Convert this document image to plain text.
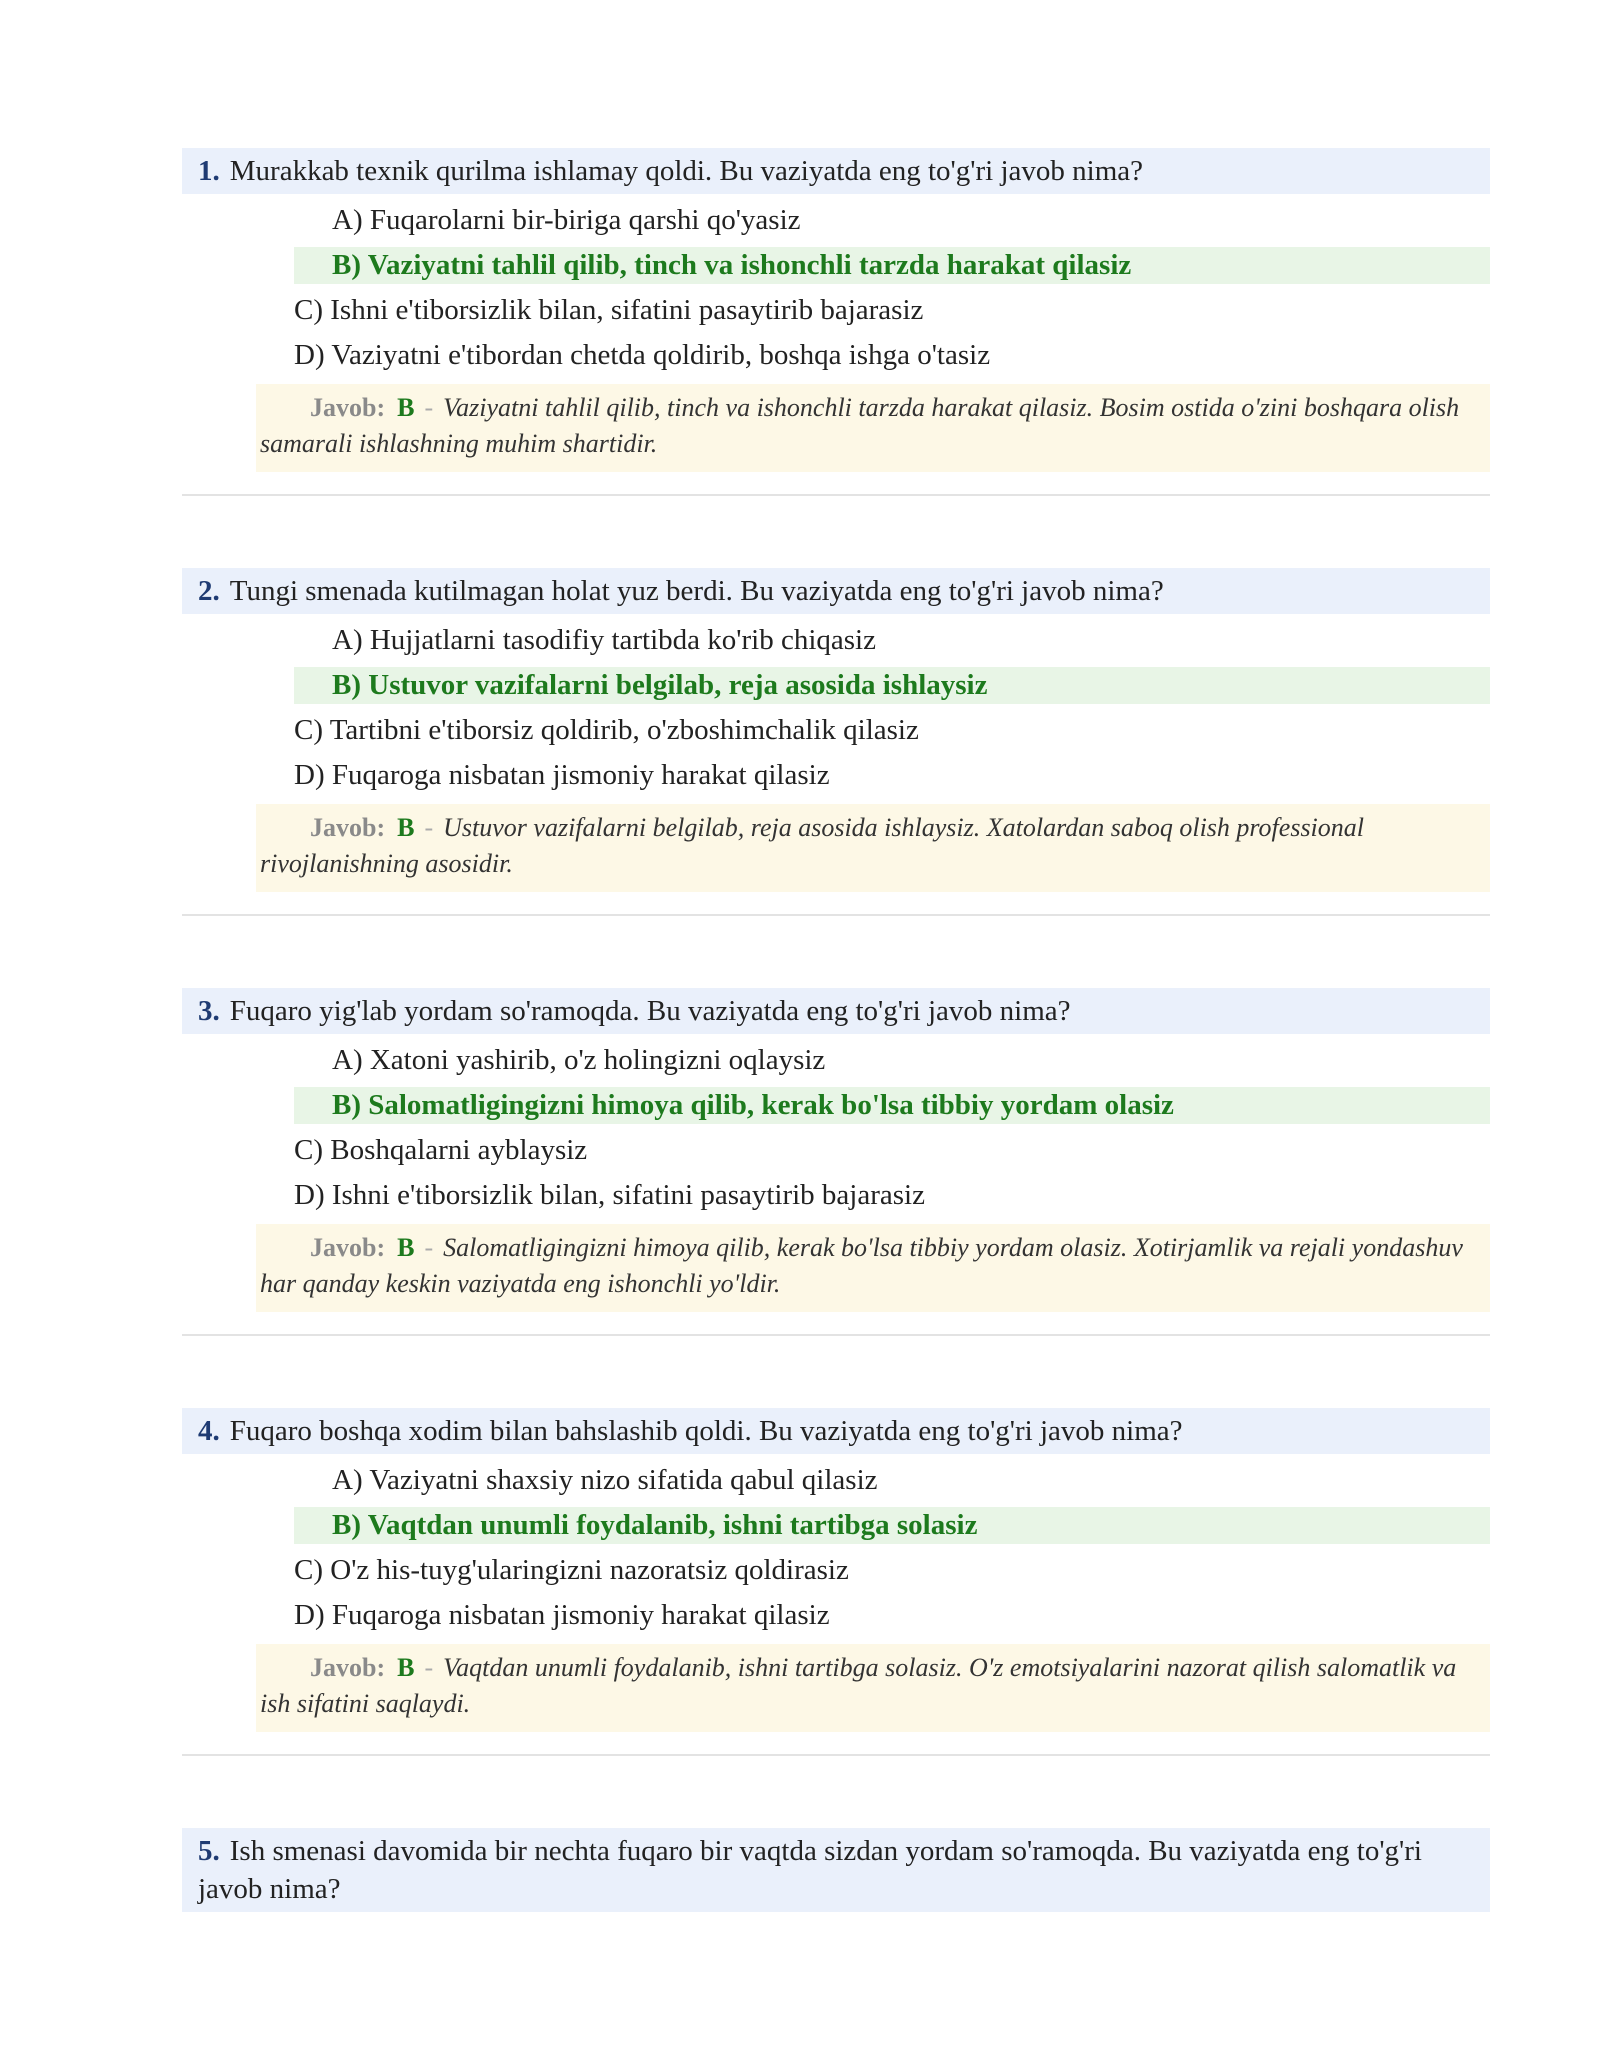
1. Murakkab texnik qurilma ishlamay qoldi. Bu vaziyatda eng to'g'ri javob nima?
A) Fuqarolarni bir-biriga qarshi qo'yasiz
B) Vaziyatni tahlil qilib, tinch va ishonchli tarzda harakat qilasiz
C) Ishni e'tiborsizlik bilan, sifatini pasaytirib bajarasiz
D) Vaziyatni e'tibordan chetda qoldirib, boshqa ishga o'tasiz
Javob: B - Vaziyatni tahlil qilib, tinch va ishonchli tarzda harakat qilasiz. Bosim ostida o'zini boshqara olish samarali ishlashning muhim shartidir.
2. Tungi smenada kutilmagan holat yuz berdi. Bu vaziyatda eng to'g'ri javob nima?
A) Hujjatlarni tasodifiy tartibda ko'rib chiqasiz
B) Ustuvor vazifalarni belgilab, reja asosida ishlaysiz
C) Tartibni e'tiborsiz qoldirib, o'zboshimchalik qilasiz
D) Fuqaroga nisbatan jismoniy harakat qilasiz
Javob: B - Ustuvor vazifalarni belgilab, reja asosida ishlaysiz. Xatolardan saboq olish professional rivojlanishning asosidir.
3. Fuqaro yig'lab yordam so'ramoqda. Bu vaziyatda eng to'g'ri javob nima?
A) Xatoni yashirib, o'z holingizni oqlaysiz
B) Salomatligingizni himoya qilib, kerak bo'lsa tibbiy yordam olasiz
C) Boshqalarni ayblaysiz
D) Ishni e'tiborsizlik bilan, sifatini pasaytirib bajarasiz
Javob: B - Salomatligingizni himoya qilib, kerak bo'lsa tibbiy yordam olasiz. Xotirjamlik va rejali yondashuv har qanday keskin vaziyatda eng ishonchli yo'ldir.
4. Fuqaro boshqa xodim bilan bahslashib qoldi. Bu vaziyatda eng to'g'ri javob nima?
A) Vaziyatni shaxsiy nizo sifatida qabul qilasiz
B) Vaqtdan unumli foydalanib, ishni tartibga solasiz
C) O'z his-tuyg'ularingizni nazoratsiz qoldirasiz
D) Fuqaroga nisbatan jismoniy harakat qilasiz
Javob: B - Vaqtdan unumli foydalanib, ishni tartibga solasiz. O'z emotsiyalarini nazorat qilish salomatlik va ish sifatini saqlaydi.
5. Ish smenasi davomida bir nechta fuqaro bir vaqtda sizdan yordam so'ramoqda. Bu vaziyatda eng to'g'ri javob nima?
